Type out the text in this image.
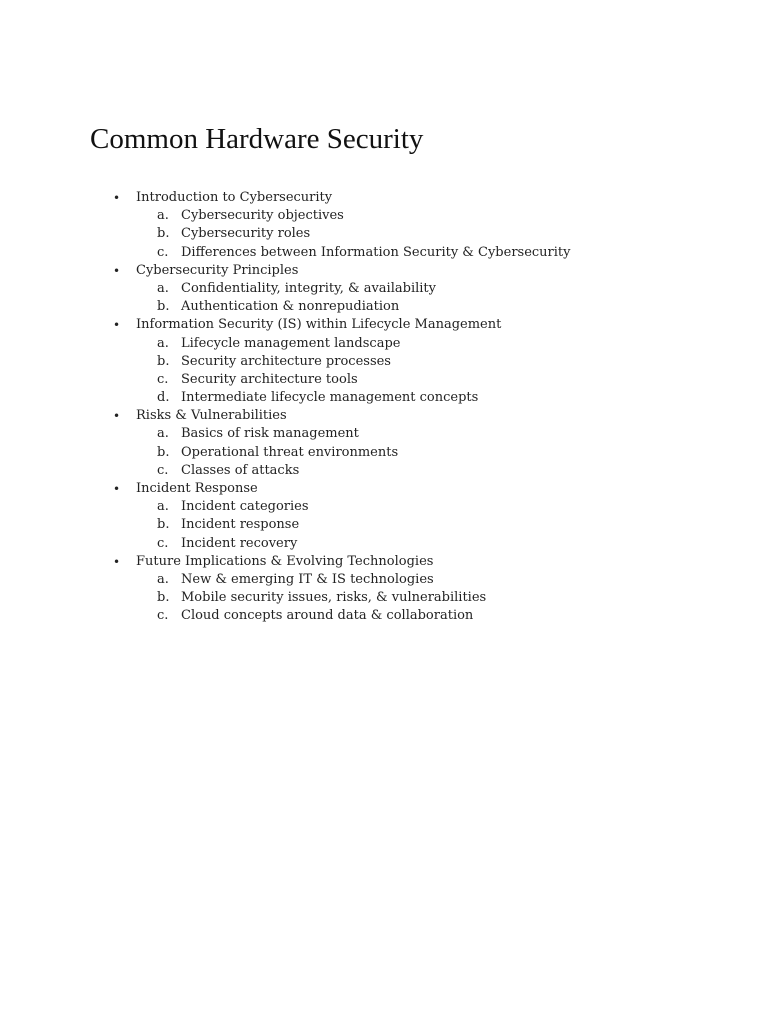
Common Hardware Security
• Introduction to Cybersecurity
a. Cybersecurity objectives
b. Cybersecurity roles
c. Differences between Information Security & Cybersecurity
• Cybersecurity Principles
a. Confidentiality, integrity, & availability
b. Authentication & nonrepudiation
• Information Security (IS) within Lifecycle Management
a. Lifecycle management landscape
b. Security architecture processes
c. Security architecture tools
d. Intermediate lifecycle management concepts
• Risks & Vulnerabilities
a. Basics of risk management
b. Operational threat environments
c. Classes of attacks
• Incident Response
a. Incident categories
b. Incident response
c. Incident recovery
• Future Implications & Evolving Technologies
a. New & emerging IT & IS technologies
b. Mobile security issues, risks, & vulnerabilities
c. Cloud concepts around data & collaboration
